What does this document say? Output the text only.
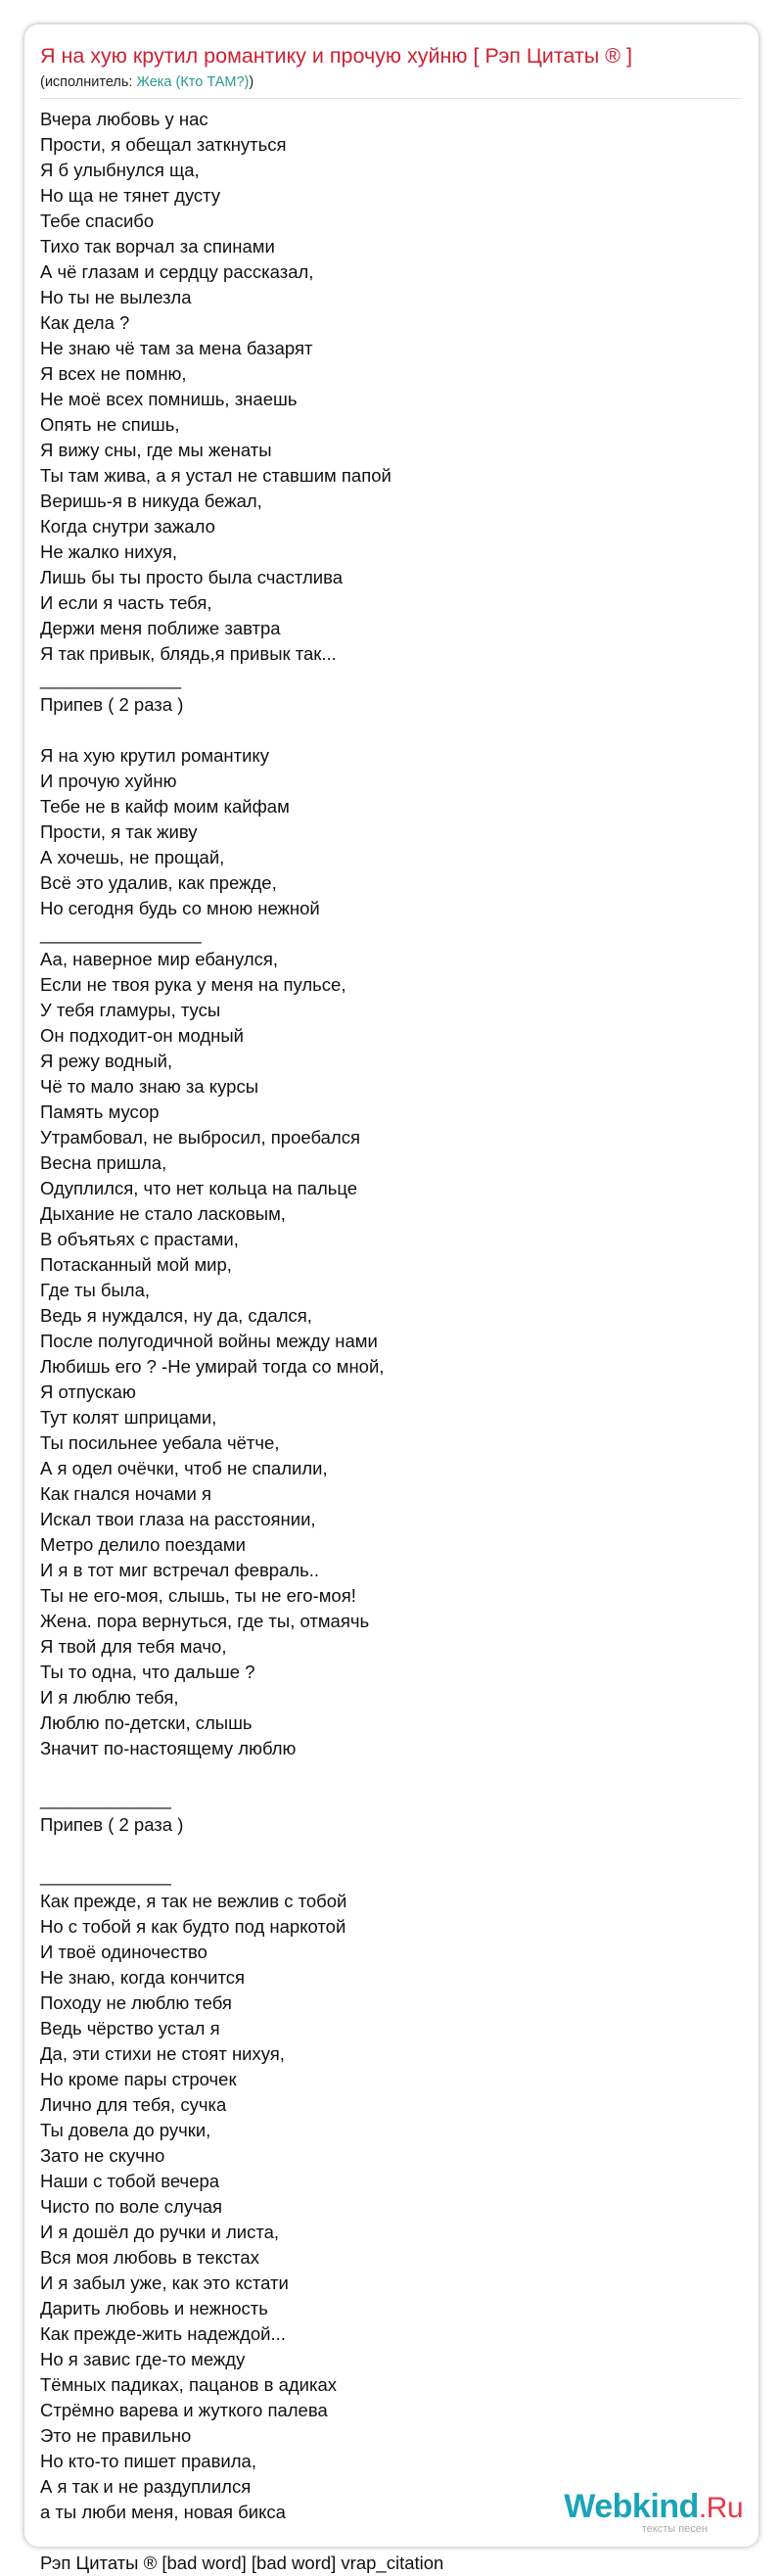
Я на хую крутил романтику и прочую хуйню [ Рэп Цитаты ® ]
(исполнитель: Жека (Кто ТАМ?))
Вчера любовь у нас
Прости, я обещал заткнуться
Я б улыбнулся ща,
Но ща не тянет дусту
Тебе спасибо
Тихо так ворчал за спинами
А чё глазам и сердцу рассказал,
Но ты не вылезла
Как дела ?
Не знаю чё там за мена базарят
Я всех не помню,
Не моё всех помнишь, знаешь
Опять не спишь,
Я вижу сны, где мы женаты
Ты там жива, а я устал не ставшим папой
Веришь-я в никуда бежал,
Когда снутри зажало
Не жалко нихуя,
Лишь бы ты просто была счастлива
И если я часть тебя,
Держи меня поближе завтра
Я так привык, блядь,я привык так...
______________
Припев ( 2 раза )
Я на хую крутил романтику
И прочую хуйню
Тебе не в кайф моим кайфам
Прости, я так живу
А хочешь, не прощай,
Всё это удалив, как прежде,
Но сегодня будь со мною нежной
________________
Аа, наверное мир ебанулся,
Если не твоя рука у меня на пульсе,
У тебя гламуры, тусы
Он подходит-он модный
Я режу водный,
Чё то мало знаю за курсы
Память мусор
Утрамбовал, не выбросил, проебался
Весна пришла,
Одуплился, что нет кольца на пальце
Дыхание не стало ласковым,
В объятьях с прастами,
Потасканный мой мир,
Где ты была,
Ведь я нуждался, ну да, сдался,
После полугодичной войны между нами
Любишь его ? -Не умирай тогда со мной,
Я отпускаю
Тут колят шприцами,
Ты посильнее уебала чётче,
А я одел очёчки, чтоб не спалили,
Как гнался ночами я
Искал твои глаза на расстоянии,
Метро делило поездами
И я в тот миг встречал февраль..
Ты не его-моя, слышь, ты не его-моя!
Жена. пора вернуться, где ты, отмаячь
Я твой для тебя мачо,
Ты то одна, что дальше ?
И я люблю тебя,
Люблю по-детски, слышь
Значит по-настоящему люблю
_____________
Припев ( 2 раза )
_____________
Как прежде, я так не вежлив с тобой
Но с тобой я как будто под наркотой
И твоё одиночество
Не знаю, когда кончится
Походу не люблю тебя
Ведь чёрство устал я
Да, эти стихи не стоят нихуя,
Но кроме пары строчек
Лично для тебя, сучка
Ты довела до ручки,
Зато не скучно
Наши с тобой вечера
Чисто по воле случая
И я дошёл до ручки и листа,
Вся моя любовь в текстах
И я забыл уже, как это кстати
Дарить любовь и нежность
Как прежде-жить надеждой...
Но я завис где-то между
Тёмных падиках, пацанов в адиках
Стрёмно варева и жуткого палева
Это не правильно
Но кто-то пишет правила,
А я так и не раздуплился
а ты люби меня, новая бикса
Рэп Цитаты ® [bad word] [bad word] vrap_citation
Webkind.Ru
тексты песен
